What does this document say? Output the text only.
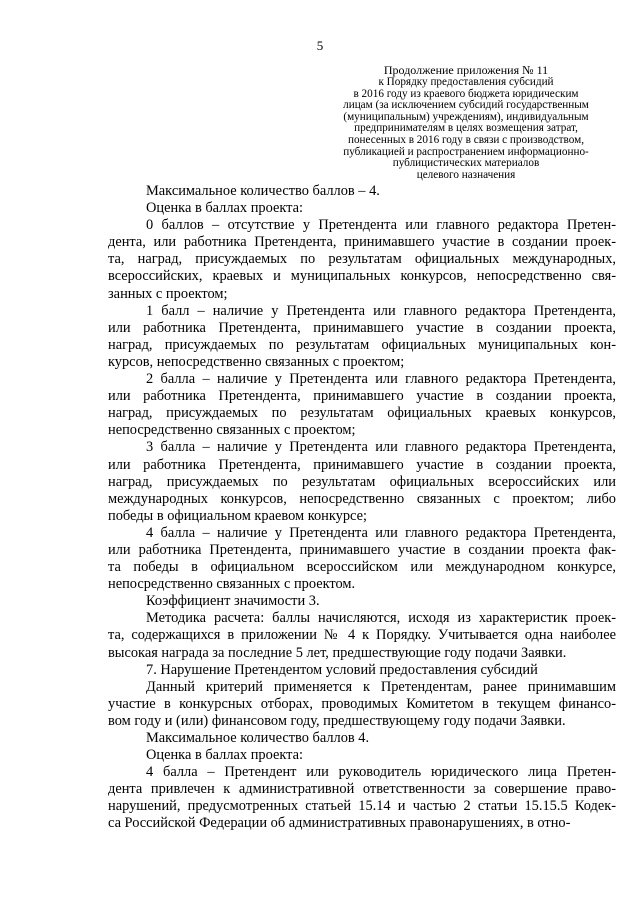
5
Продолжение приложения № 11
к Порядку предоставления субсидий
в 2016 году из краевого бюджета юридическим
лицам (за исключением субсидий государственным
(муниципальным) учреждениям), индивидуальным
предпринимателям в целях возмещения затрат,
понесенных в 2016 году в связи с производством,
публикацией и распространением информационно-
публицистических материалов
целевого назначения

Максимальное количество баллов – 4.

Оценка в баллах проекта:

0 баллов – отсутствие у Претендента или главного редактора Претен-
дента, или работника Претендента, принимавшего участие в создании проек-
та, наград, присуждаемых по результатам официальных международных,
всероссийских, краевых и муниципальных конкурсов, непосредственно свя-
занных с проектом;

1 балл – наличие у Претендента или главного редактора Претендента,
или работника Претендента, принимавшего участие в создании проекта,
наград, присуждаемых по результатам официальных муниципальных кон-
курсов, непосредственно связанных с проектом;

2 балла – наличие у Претендента или главного редактора Претендента,
или работника Претендента, принимавшего участие в создании проекта,
наград, присуждаемых по результатам официальных краевых конкурсов,
непосредственно связанных с проектом;

3 балла – наличие у Претендента или главного редактора Претендента,
или работника Претендента, принимавшего участие в создании проекта,
наград, присуждаемых по результатам официальных всероссийских или
международных конкурсов, непосредственно связанных с проектом; либо
победы в официальном краевом конкурсе;

4 балла – наличие у Претендента или главного редактора Претендента,
или работника Претендента, принимавшего участие в создании проекта фак-
та победы в официальном всероссийском или международном конкурсе,
непосредственно связанных с проектом.

Коэффициент значимости 3.

Методика расчета: баллы начисляются, исходя из характеристик проек-
та, содержащихся в приложении № 4 к Порядку. Учитывается одна наиболее
высокая награда за последние 5 лет, предшествующие году подачи Заявки.

7. Нарушение Претендентом условий предоставления субсидий

Данный критерий применяется к Претендентам, ранее принимавшим
участие в конкурсных отборах, проводимых Комитетом в текущем финансо-
вом году и (или) финансовом году, предшествующему году подачи Заявки.

Максимальное количество баллов 4.

Оценка в баллах проекта:

4 балла – Претендент или руководитель юридического лица Претен-
дента привлечен к административной ответственности за совершение право-
нарушений, предусмотренных статьей 15.14 и частью 2 статьи 15.15.5 Кодек-
са Российской Федерации об административных правонарушениях, в отно-
